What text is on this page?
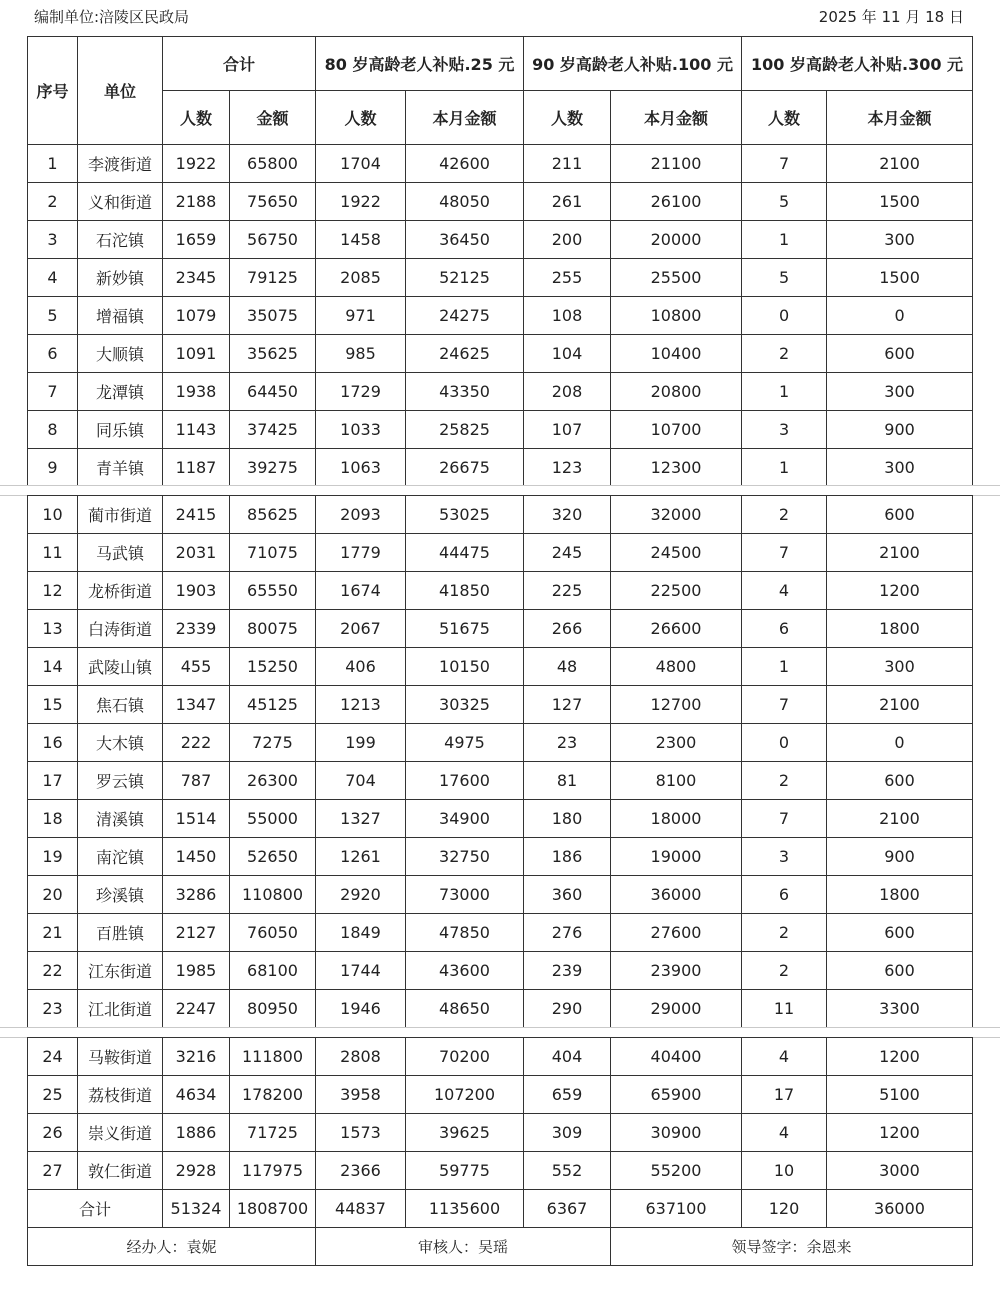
编制单位:涪陵区民政局	2025 年 11 月 18 日
序号	单位	合计		80 岁高龄老人补贴.25 元		90 岁高龄老人补贴.100 元		100 岁高龄老人补贴.300 元	
		人数	金额	人数	本月金额	人数	本月金额	人数	本月金额
1	李渡街道	1922	65800	1704	42600	211	21100	7	2100
2	义和街道	2188	75650	1922	48050	261	26100	5	1500
3	石沱镇	1659	56750	1458	36450	200	20000	1	300
4	新妙镇	2345	79125	2085	52125	255	25500	5	1500
5	增福镇	1079	35075	971	24275	108	10800	0	0
6	大顺镇	1091	35625	985	24625	104	10400	2	600
7	龙潭镇	1938	64450	1729	43350	208	20800	1	300
8	同乐镇	1143	37425	1033	25825	107	10700	3	900
9	青羊镇	1187	39275	1063	26675	123	12300	1	300
10	蔺市街道	2415	85625	2093	53025	320	32000	2	600
11	马武镇	2031	71075	1779	44475	245	24500	7	2100
12	龙桥街道	1903	65550	1674	41850	225	22500	4	1200
13	白涛街道	2339	80075	2067	51675	266	26600	6	1800
14	武陵山镇	455	15250	406	10150	48	4800	1	300
15	焦石镇	1347	45125	1213	30325	127	12700	7	2100
16	大木镇	222	7275	199	4975	23	2300	0	0
17	罗云镇	787	26300	704	17600	81	8100	2	600
18	清溪镇	1514	55000	1327	34900	180	18000	7	2100
19	南沱镇	1450	52650	1261	32750	186	19000	3	900
20	珍溪镇	3286	110800	2920	73000	360	36000	6	1800
21	百胜镇	2127	76050	1849	47850	276	27600	2	600
22	江东街道	1985	68100	1744	43600	239	23900	2	600
23	江北街道	2247	80950	1946	48650	290	29000	11	3300
24	马鞍街道	3216	111800	2808	70200	404	40400	4	1200
25	荔枝街道	4634	178200	3958	107200	659	65900	17	5100
26	崇义街道	1886	71725	1573	39625	309	30900	4	1200
27	敦仁街道	2928	117975	2366	59775	552	55200	10	3000
合计		51324	1808700	44837	1135600	6367	637100	120	36000
经办人：袁妮				审核人：吴瑶			领导签字：余恩来		
